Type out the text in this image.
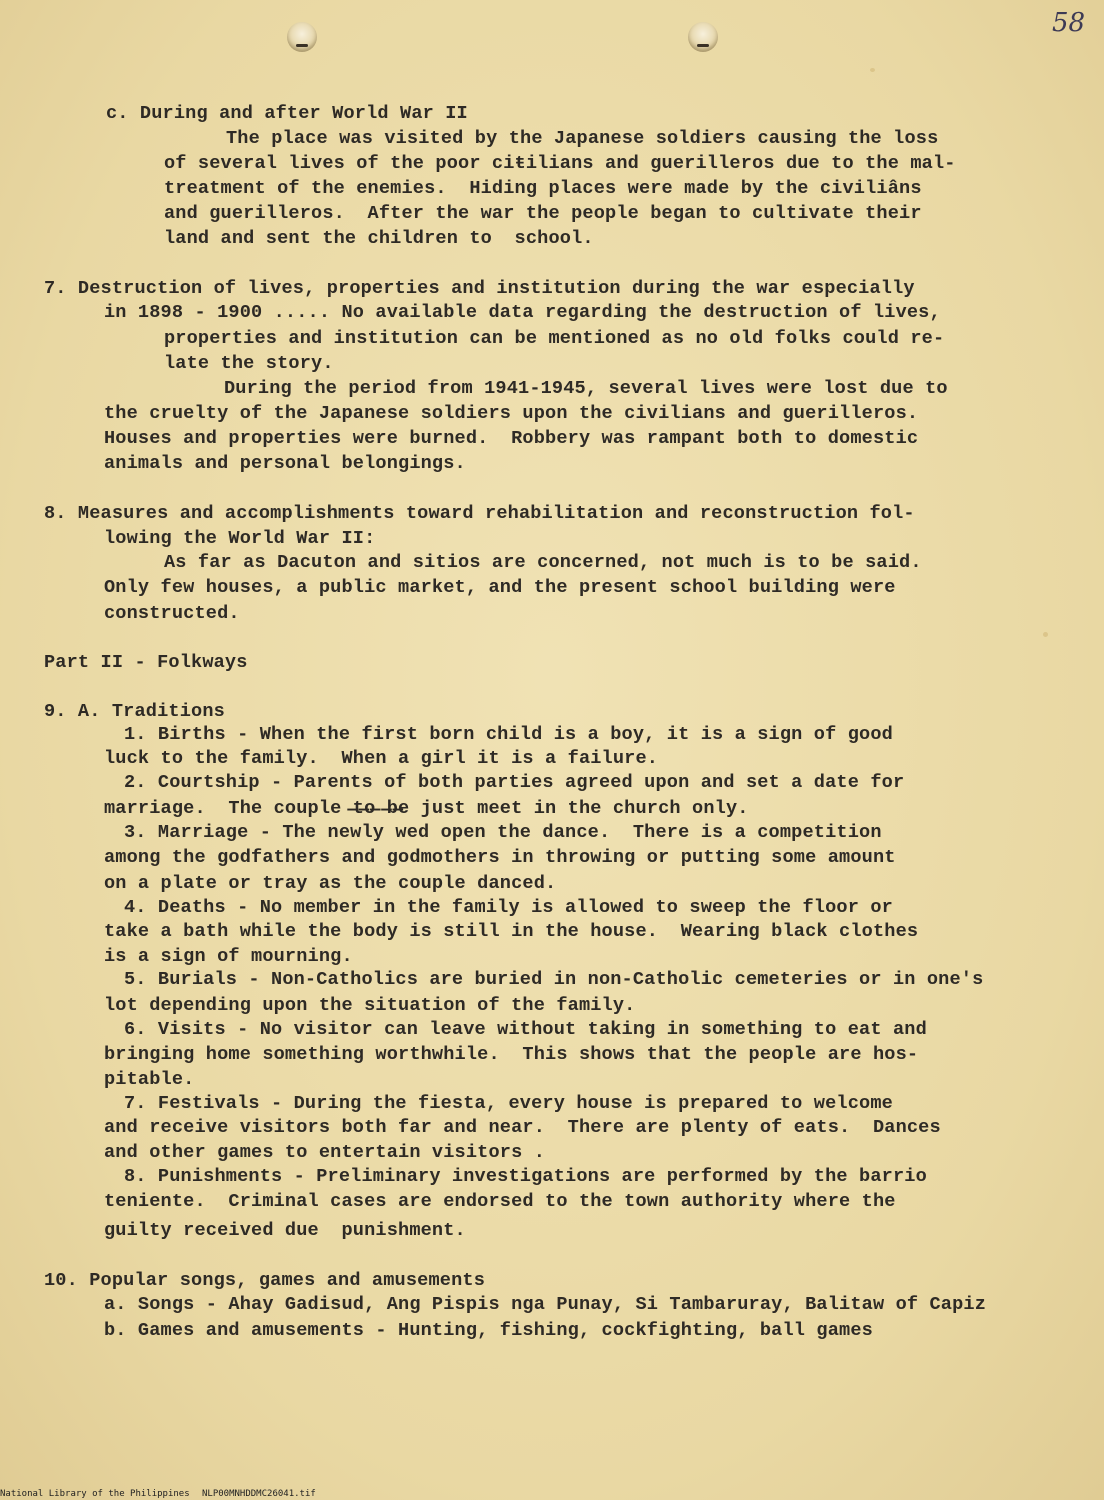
58
c. During and after World War II
The place was visited by the Japanese soldiers causing the loss
of several lives of the poor ciŧilians and guerilleros due to the mal-
treatment of the enemies.  Hiding places were made by the civiliâns
and guerilleros.  After the war the people began to cultivate their
land and sent the children to  school.
7. Destruction of lives, properties and institution during the war especially
in 1898 - 1900 ..... No available data regarding the destruction of lives,
properties and institution can be mentioned as no old folks could re-
late the story.
During the period from 1941-1945, several lives were lost due to
the cruelty of the Japanese soldiers upon the civilians and guerilleros.
Houses and properties were burned.  Robbery was rampant both to domestic
animals and personal belongings.
8. Measures and accomplishments toward rehabilitation and reconstruction fol-
lowing the World War II:
As far as Dacuton and sitios are concerned, not much is to be said.
Only few houses, a public market, and the present school building were
constructed.
Part II - Folkways
9. A. Traditions
1. Births - When the first born child is a boy, it is a sign of good
luck to the family.  When a girl it is a failure.
2. Courtship - Parents of both parties agreed upon and set a date for
marriage.  The couple ̶t̶o̶ ̶b̶e just meet in the church only.
3. Marriage - The newly wed open the dance.  There is a competition
among the godfathers and godmothers in throwing or putting some amount
on a plate or tray as the couple danced.
4. Deaths - No member in the family is allowed to sweep the floor or
take a bath while the body is still in the house.  Wearing black clothes
is a sign of mourning.
5. Burials - Non-Catholics are buried in non-Catholic cemeteries or in one's
lot depending upon the situation of the family.
6. Visits - No visitor can leave without taking in something to eat and
bringing home something worthwhile.  This shows that the people are hos-
pitable.
7. Festivals - During the fiesta, every house is prepared to welcome
and receive visitors both far and near.  There are plenty of eats.  Dances
and other games to entertain visitors .
8. Punishments - Preliminary investigations are performed by the barrio
teniente.  Criminal cases are endorsed to the town authority where the
guilty received due  punishment.
10. Popular songs, games and amusements
a. Songs - Ahay Gadisud, Ang Pispis nga Punay, Si Tambaruray, Balitaw of Capiz
b. Games and amusements - Hunting, fishing, cockfighting, ball games
National Library of the Philippines NLP00MNHDDMC26041.tif
